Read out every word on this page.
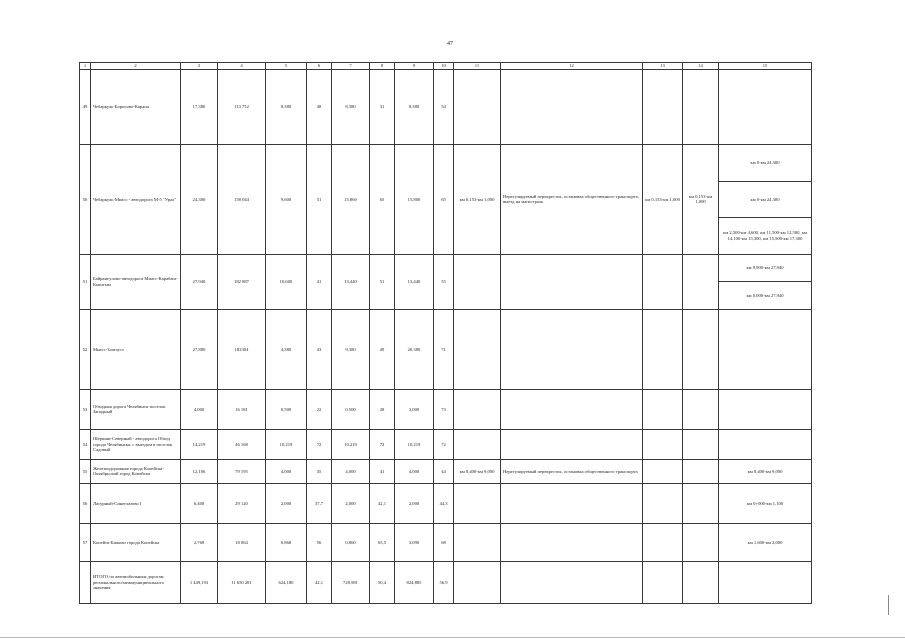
47
1	2	3	4	5	6	7	8	9	10	11	12	13	14	15
49	Чебаркуль-Борисово-Карасы	17,380	113 752	8,380	48	8,380	31	8,380	54					
50	Чебаркуль-Миасс - автодорога М-5 "Урал"	24,300	158 044	9,600	51	15,860	65	15,800	65	км 0,153-км 1,000	Нерегулируемый перекресток, остановка общественного транспорта, выезд на магистраль	км 0,153-км 1,000	км 0,153-км 1,000	км 0-км 24,300
														км 0-км 24,300
														км 2,500-км 4,600, км 11,500-км 12,500, км 14,100-км 15,300, км 15,500-км 17,300
51	Байрамгулово-автодорога Миасс-Карабаш-Кыштым	27,940	182 887	10,600	41	13,440	51	13,440	55					км 9,900-км 27,940
														км 0,000-км 27,940
52	Миасс-Златоуст	27,880	182304	4,380	43	9,380	49	20,380	71					
53	Обходная дорога Челябинск-поселок Западный	4,000	16 181	0,500	22	0,500	28	3,000	73					
54	Шершни-Северный - автодорога Обход города Челябинска, с выездом в поселок Садовый	14,219	46 168	10,219	72	10,219	72	10,219	72					
55	Железнодорожная города Копейска-Октябрьский город Копейска	12,106	79 195	4,000	35	4,000	41	4,000	44	км 8,400-км 9,000	Нерегулируемый перекресток, остановка общественного транспорта			км 8,400-км 9,000
56	Ласурный-Синеглазово I	6,400	29 120	2,000	37,7	2,000	42,1	2,000	44,3					км 0+000-км 1,100
57	Копейск-Бижово города Копейска	2,768	18 064	0,868	56	0,860	65,5	3,090	68					км 1,600-км 2,000
	ИТОГО по автомобильным дорогам регионального/межмуниципального значения	1 449,193	11 650 281	624,180	42,1	728,981	50,4	824,885	56,9					
